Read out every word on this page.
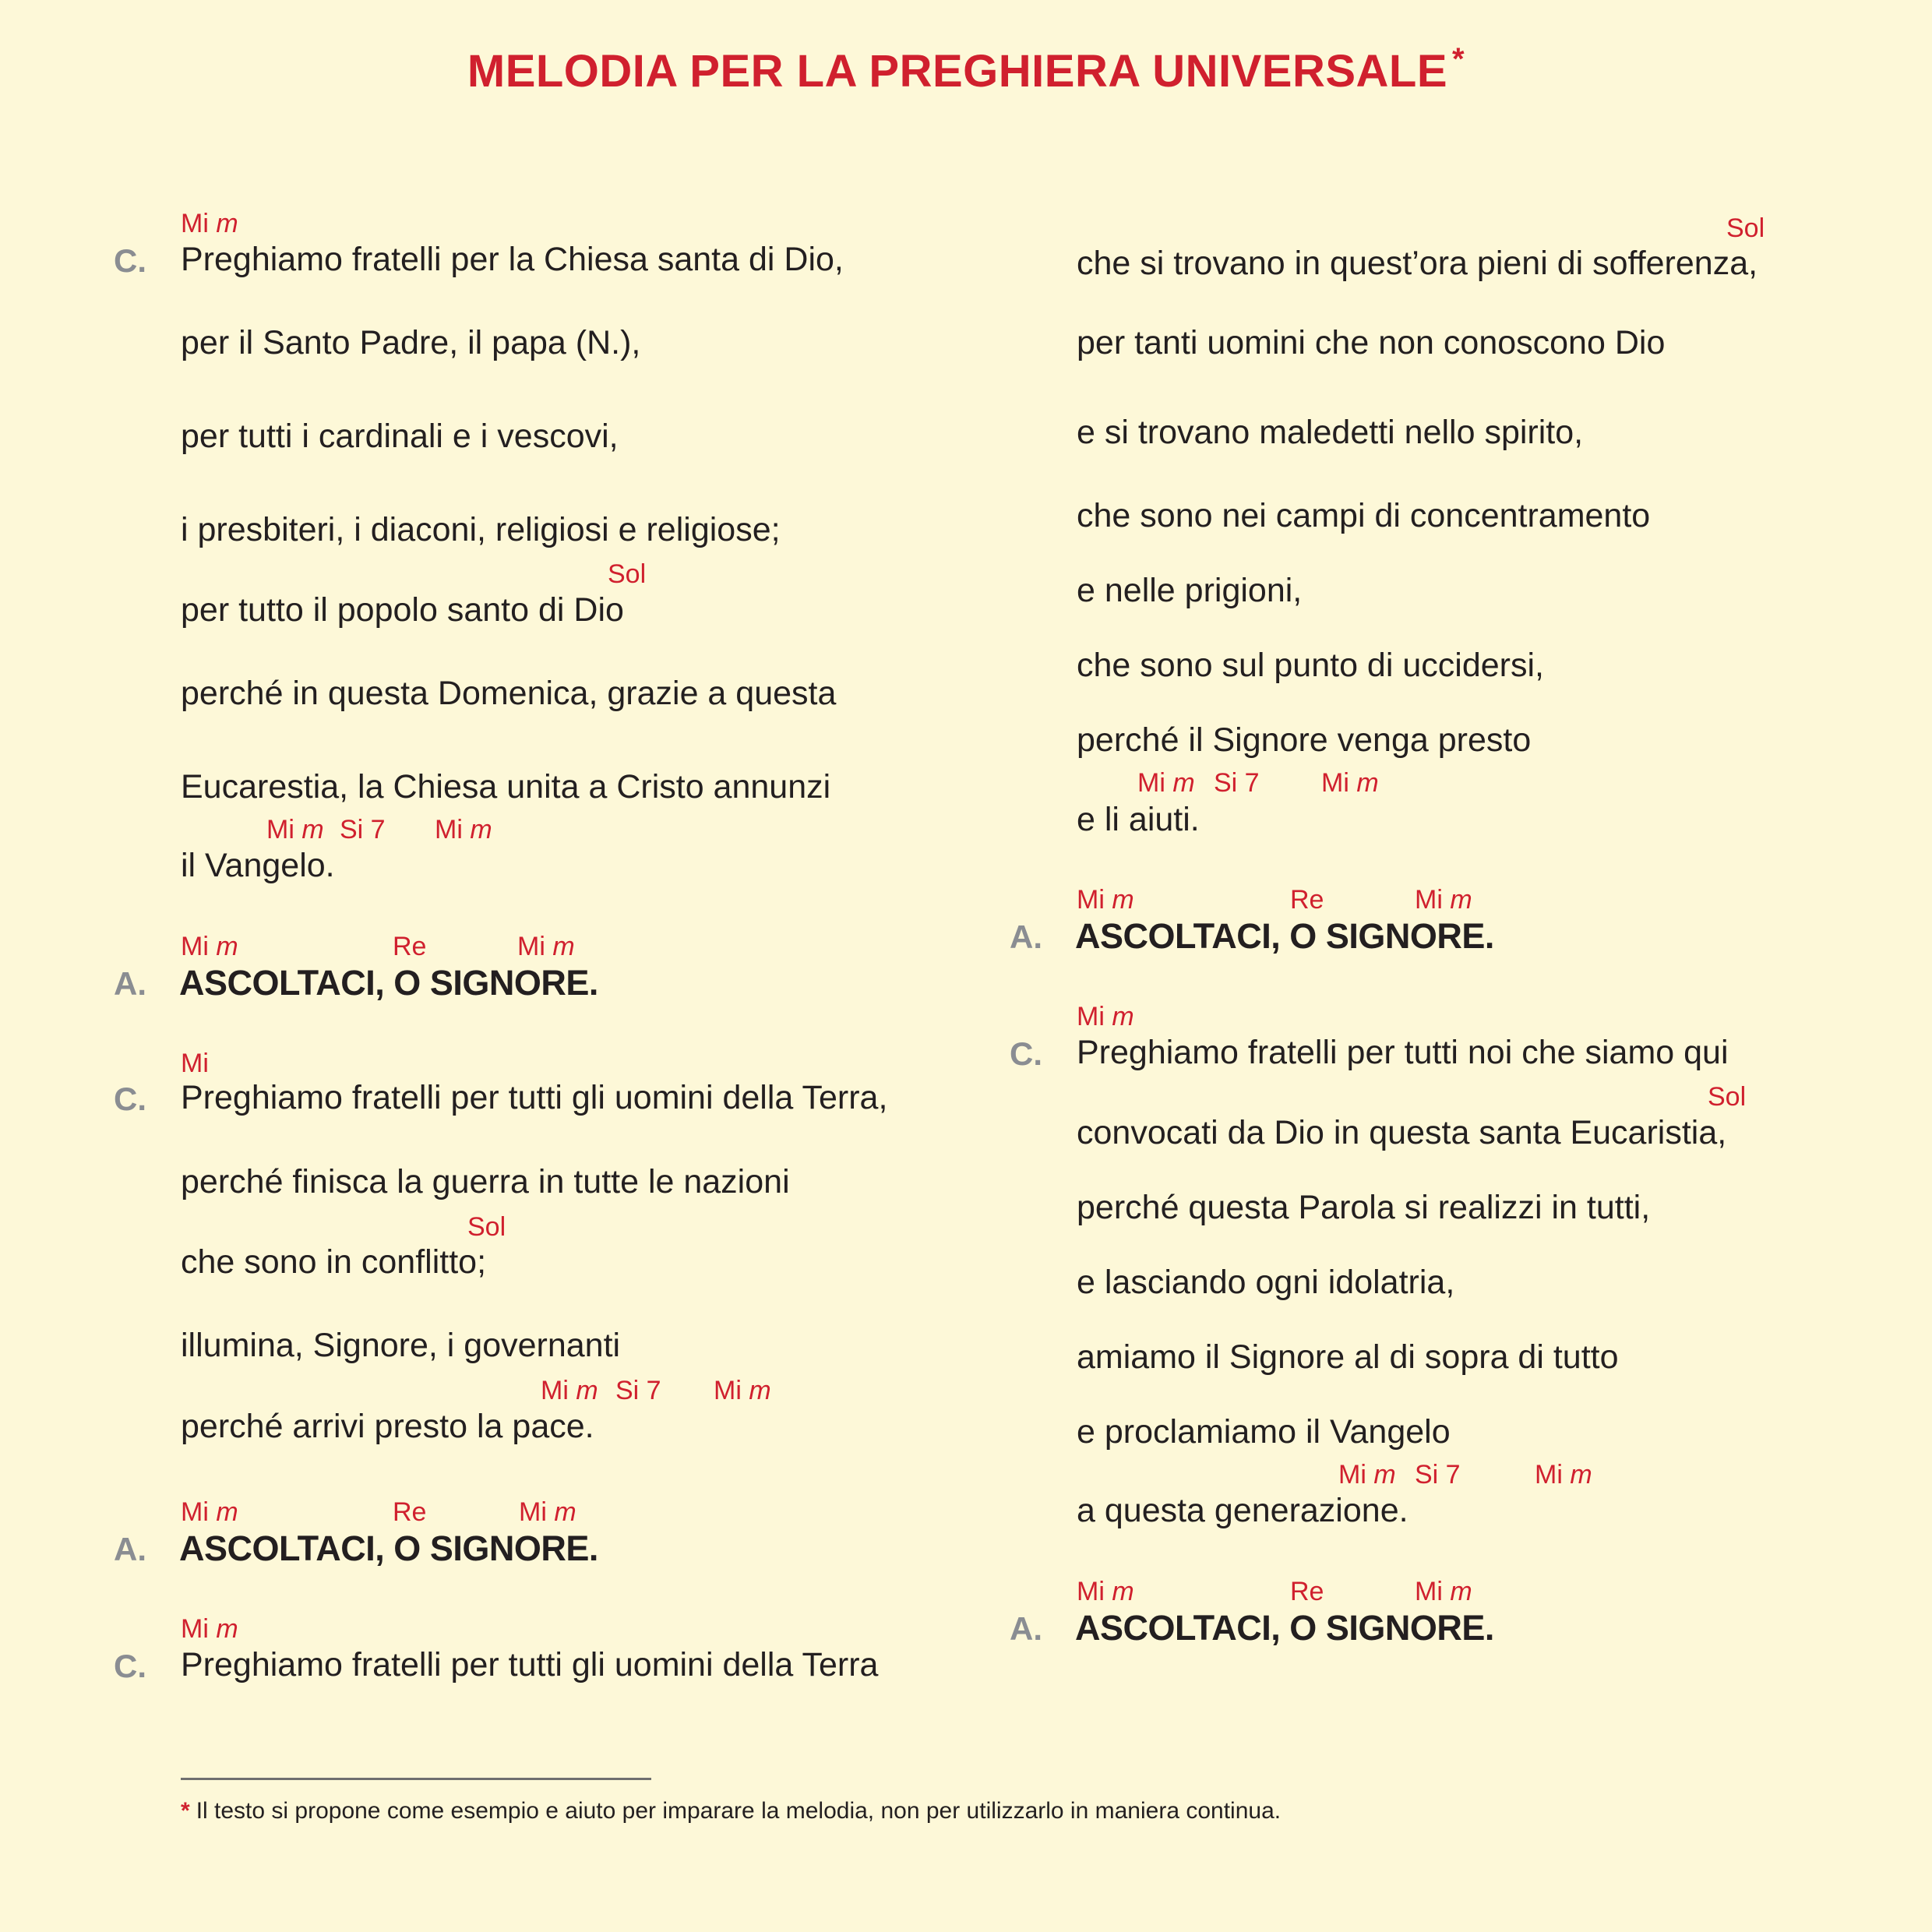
MELODIA PER LA PREGHIERA UNIVERSALE *
Mi m
C. Preghiamo fratelli per la Chiesa santa di Dio,
per il Santo Padre, il papa (N.),
per tutti i cardinali e i vescovi,
i presbiteri, i diaconi, religiosi e religiose;
Sol
per tutto il popolo santo di Dio
perché in questa Domenica, grazie a questa
Eucarestia, la Chiesa unita a Cristo annunzi
Mi m Si 7 Mi m
il Vangelo.
Mi m	Re	Mi m
A. ASCOLTACI, O SIGNORE.
Mi
C. Preghiamo fratelli per tutti gli uomini della Terra,
perché finisca la guerra in tutte le nazioni
Sol
che sono in conflitto;
illumina, Signore, i governanti
Mi m Si 7 Mi m
perché arrivi presto la pace.
Mi m	Re	Mi m
A. ASCOLTACI, O SIGNORE.
Mi m
C. Preghiamo fratelli per tutti gli uomini della Terra
Sol
che si trovano in quest’ora pieni di sofferenza,
per tanti uomini che non conoscono Dio
e si trovano maledetti nello spirito,
che sono nei campi di concentramento
e nelle prigioni,
che sono sul punto di uccidersi,
perché il Signore venga presto
Mi m Si 7 Mi m
e li aiuti.
Mi m	Re	Mi m
A. ASCOLTACI, O SIGNORE.
Mi m
C. Preghiamo fratelli per tutti noi che siamo qui
Sol
convocati da Dio in questa santa Eucaristia,
perché questa Parola si realizzi in tutti,
e lasciando ogni idolatria,
amiamo il Signore al di sopra di tutto
e proclamiamo il Vangelo
Mi m Si 7	Mi m
a questa generazione.
Mi m	Re	Mi m
A. ASCOLTACI, O SIGNORE.
* Il testo si propone come esempio e aiuto per imparare la melodia, non per utilizzarlo in maniera continua.
